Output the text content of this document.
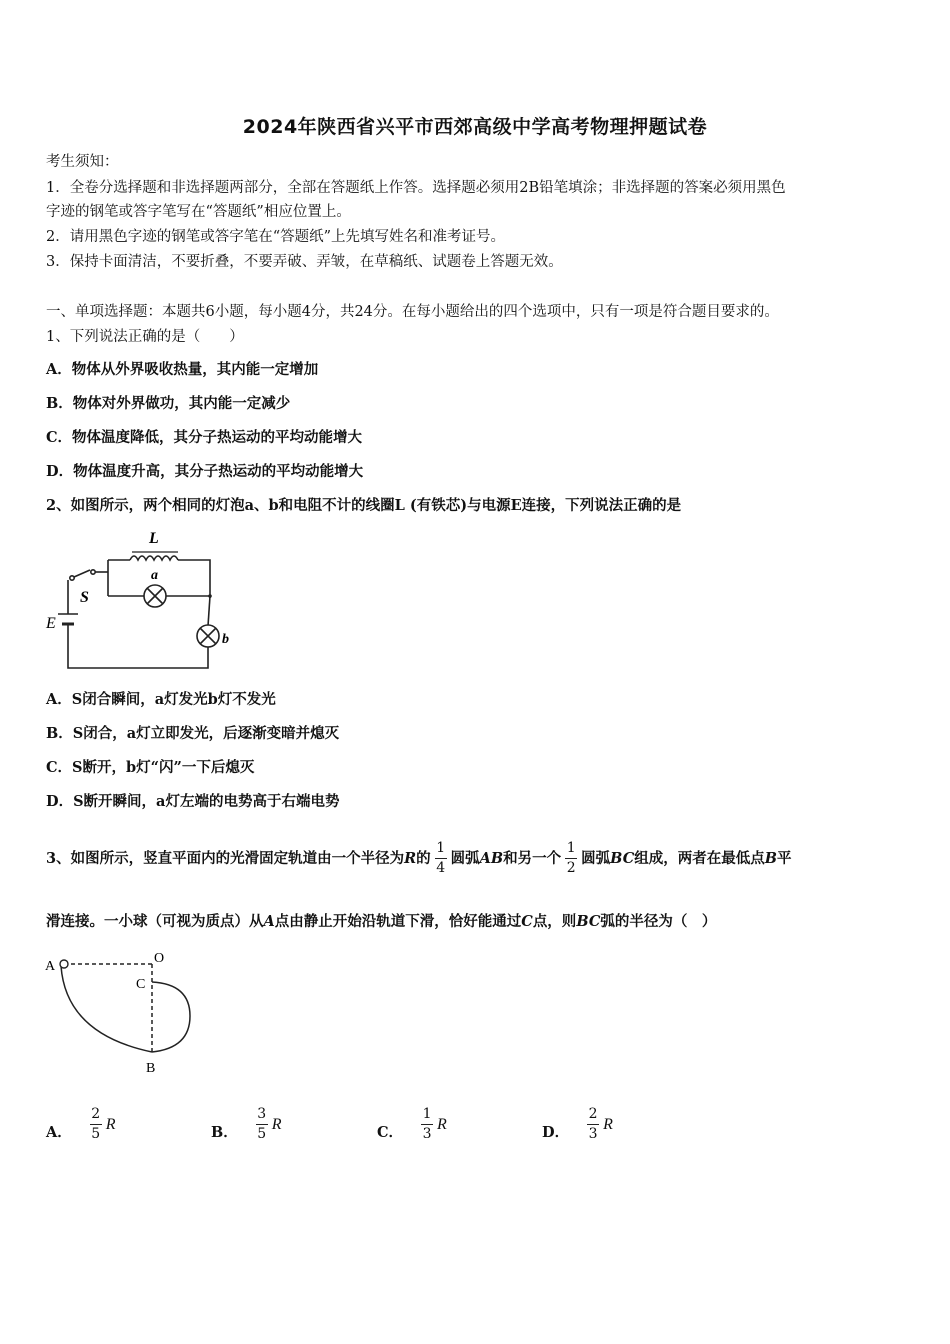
2024年陕西省兴平市西郊高级中学高考物理押题试卷
考生须知：
1．全卷分选择题和非选择题两部分，全部在答题纸上作答。选择题必须用2B铅笔填涂；非选择题的答案必须用黑色
字迹的钢笔或答字笔写在“答题纸”相应位置上。
2．请用黑色字迹的钢笔或答字笔在“答题纸”上先填写姓名和准考证号。
3．保持卡面清洁，不要折叠，不要弄破、弄皱，在草稿纸、试题卷上答题无效。
一、单项选择题：本题共6小题，每小题4分，共24分。在每小题给出的四个选项中，只有一项是符合题目要求的。
1、下列说法正确的是（　　）
A．物体从外界吸收热量，其内能一定增加
B．物体对外界做功，其内能一定减少
C．物体温度降低，其分子热运动的平均动能增大
D．物体温度升高，其分子热运动的平均动能增大
2、如图所示，两个相同的灯泡a、b和电阻不计的线圈L (有铁芯)与电源E连接，下列说法正确的是
L
a
S
E
b
A．S闭合瞬间，a灯发光b灯不发光
B．S闭合，a灯立即发光，后逐渐变暗并熄灭
C．S断开，b灯“闪”一下后熄灭
D．S断开瞬间，a灯左端的电势高于右端电势
3、如图所示，竖直平面内的光滑固定轨道由一个半径为 R 的 $\frac{1}{4}$ 圆弧 AB 和另一个 $\frac{1}{2}$ 圆弧 BC 组成，两者在最低点 B 平
滑连接。一小球（可视为质点）从A点由静止开始沿轨道下滑，恰好能通过C点，则BC弧的半径为（　）
A
O
C
B
A． $\frac{2}{5}$ R	B． $\frac{3}{5}$ R	C． $\frac{1}{3}$ R	D． $\frac{2}{3}$ R
